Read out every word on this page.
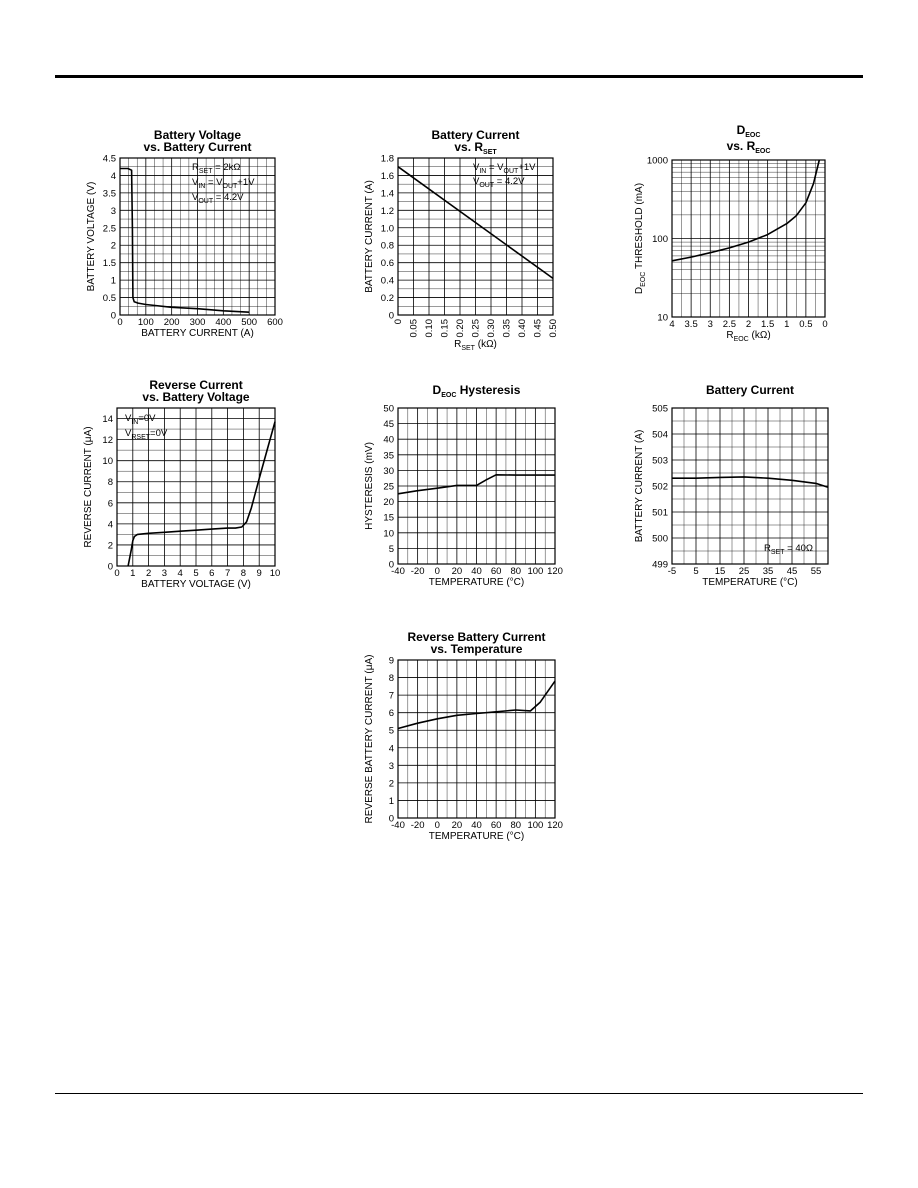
0 100 200 300 400 500 600
0
0.5
1
1.5
2
2.5
3
3.5
4
4.5
Battery Voltage
vs. Battery Current
BATTERY CURRENT (A)
BATTERY VOLTAGE (V)
$R_{SET} = 2k\Omega$
$V_{IN} = V_{OUT}+1V$
$V_{OUT} = 4.2V$
0 0.05 0.10 0.15 0.20 0.25 0.30 0.35 0.40 0.45 0.50
0
0.2
0.4
0.6
0.8
1.0
1.2
1.4
1.6
1.8
Battery Current
vs. $R_{SET}$
$R_{SET}$ (kΩ)
BATTERY CURRENT (A)
$V_{IN} = V_{OUT}+1V$
$V_{OUT} = 4.2V$
4 3.5 3 2.5 2 1.5 1 0.5 0
10
100
1000
$D_{EOC}$
vs. $R_{EOC}$
$R_{EOC}$ (kΩ)
$D_{EOC}$ THRESHOLD (mA)
0 1 2 3 4 5 6 7 8 9 10
0
2
4
6
8
10
12
14
Reverse Current
vs. Battery Voltage
BATTERY VOLTAGE (V)
REVERSE CURRENT (μA)
$V_{IN}=0V$
$V_{RSET}=0V$
-40 -20 0 20 40 60 80 100 120
0
5
10
15
20
25
30
35
40
45
50
$D_{EOC}$ Hysteresis
TEMPERATURE (°C)
HYSTERESIS (mV)
-5 5 15 25 35 45 55
499
500
501
502
503
504
505
Battery Current
TEMPERATURE (°C)
BATTERY CURRENT (A)
$R_{SET} = 40\Omega$
-40 -20 0 20 40 60 80 100 120
0
1
2
3
4
5
6
7
8
9
Reverse Battery Current
vs. Temperature
TEMPERATURE (°C)
REVERSE BATTERY CURRENT (μA)
